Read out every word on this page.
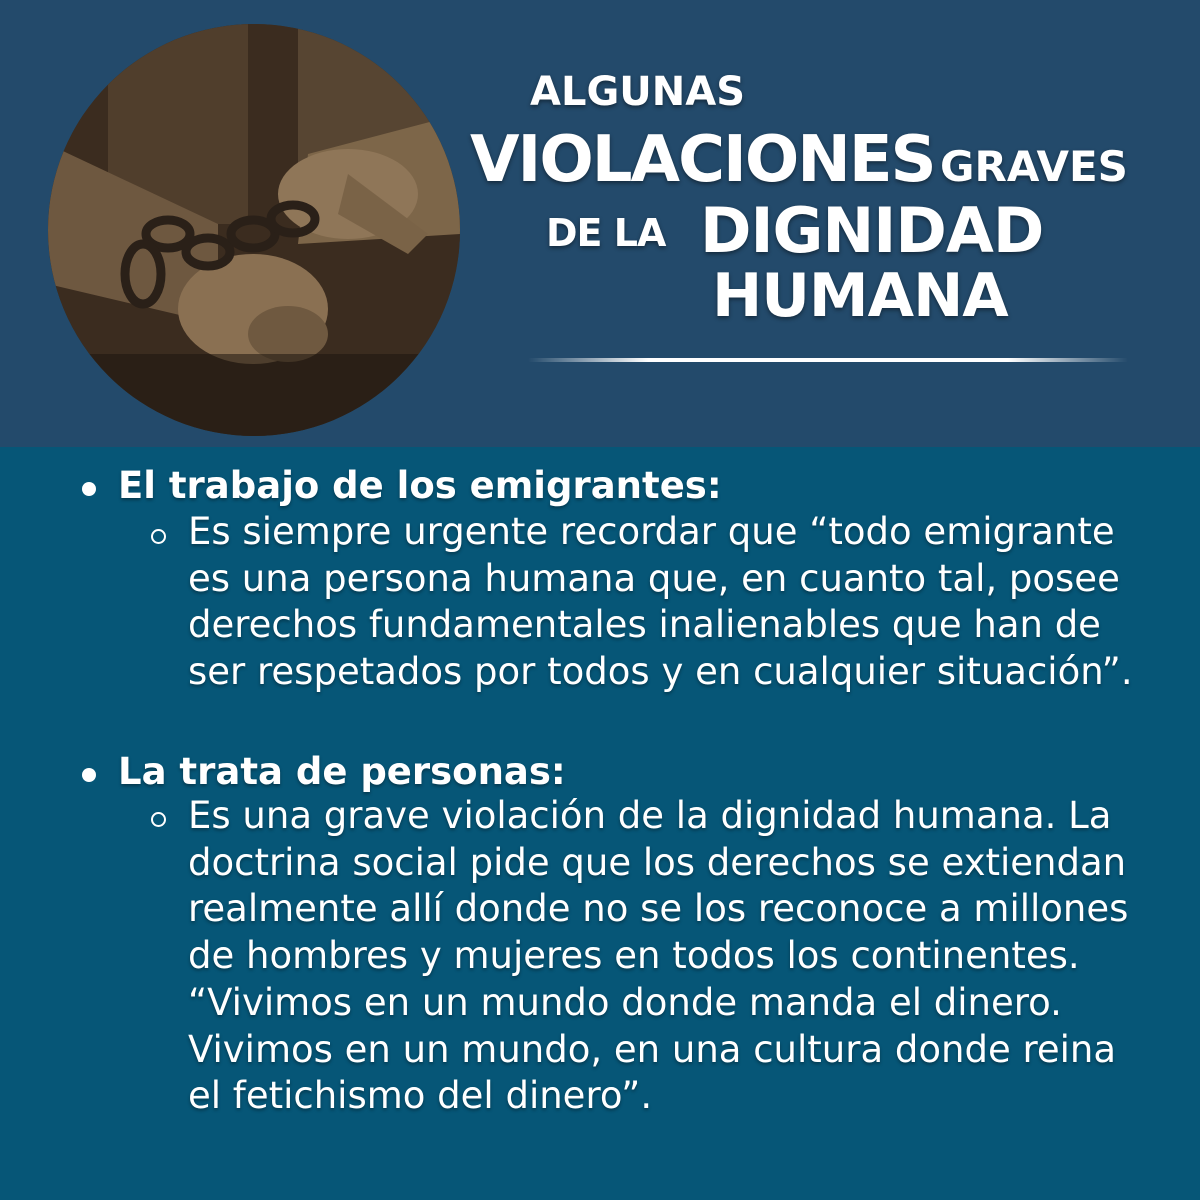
ALGUNAS
VIOLACIONES GRAVES
DE LA DIGNIDAD
HUMANA
El trabajo de los emigrantes:
Es siempre urgente recordar que “todo emigrante es una persona humana que, en cuanto tal, posee derechos fundamentales inalienables que han de ser respetados por todos y en cualquier situación”.
La trata de personas:
Es una grave violación de la dignidad humana. La doctrina social pide que los derechos se extiendan realmente allí donde no se los reconoce a millones de hombres y mujeres en todos los continentes. “Vivimos en un mundo donde manda el dinero. Vivimos en un mundo, en una cultura donde reina el fetichismo del dinero”.
